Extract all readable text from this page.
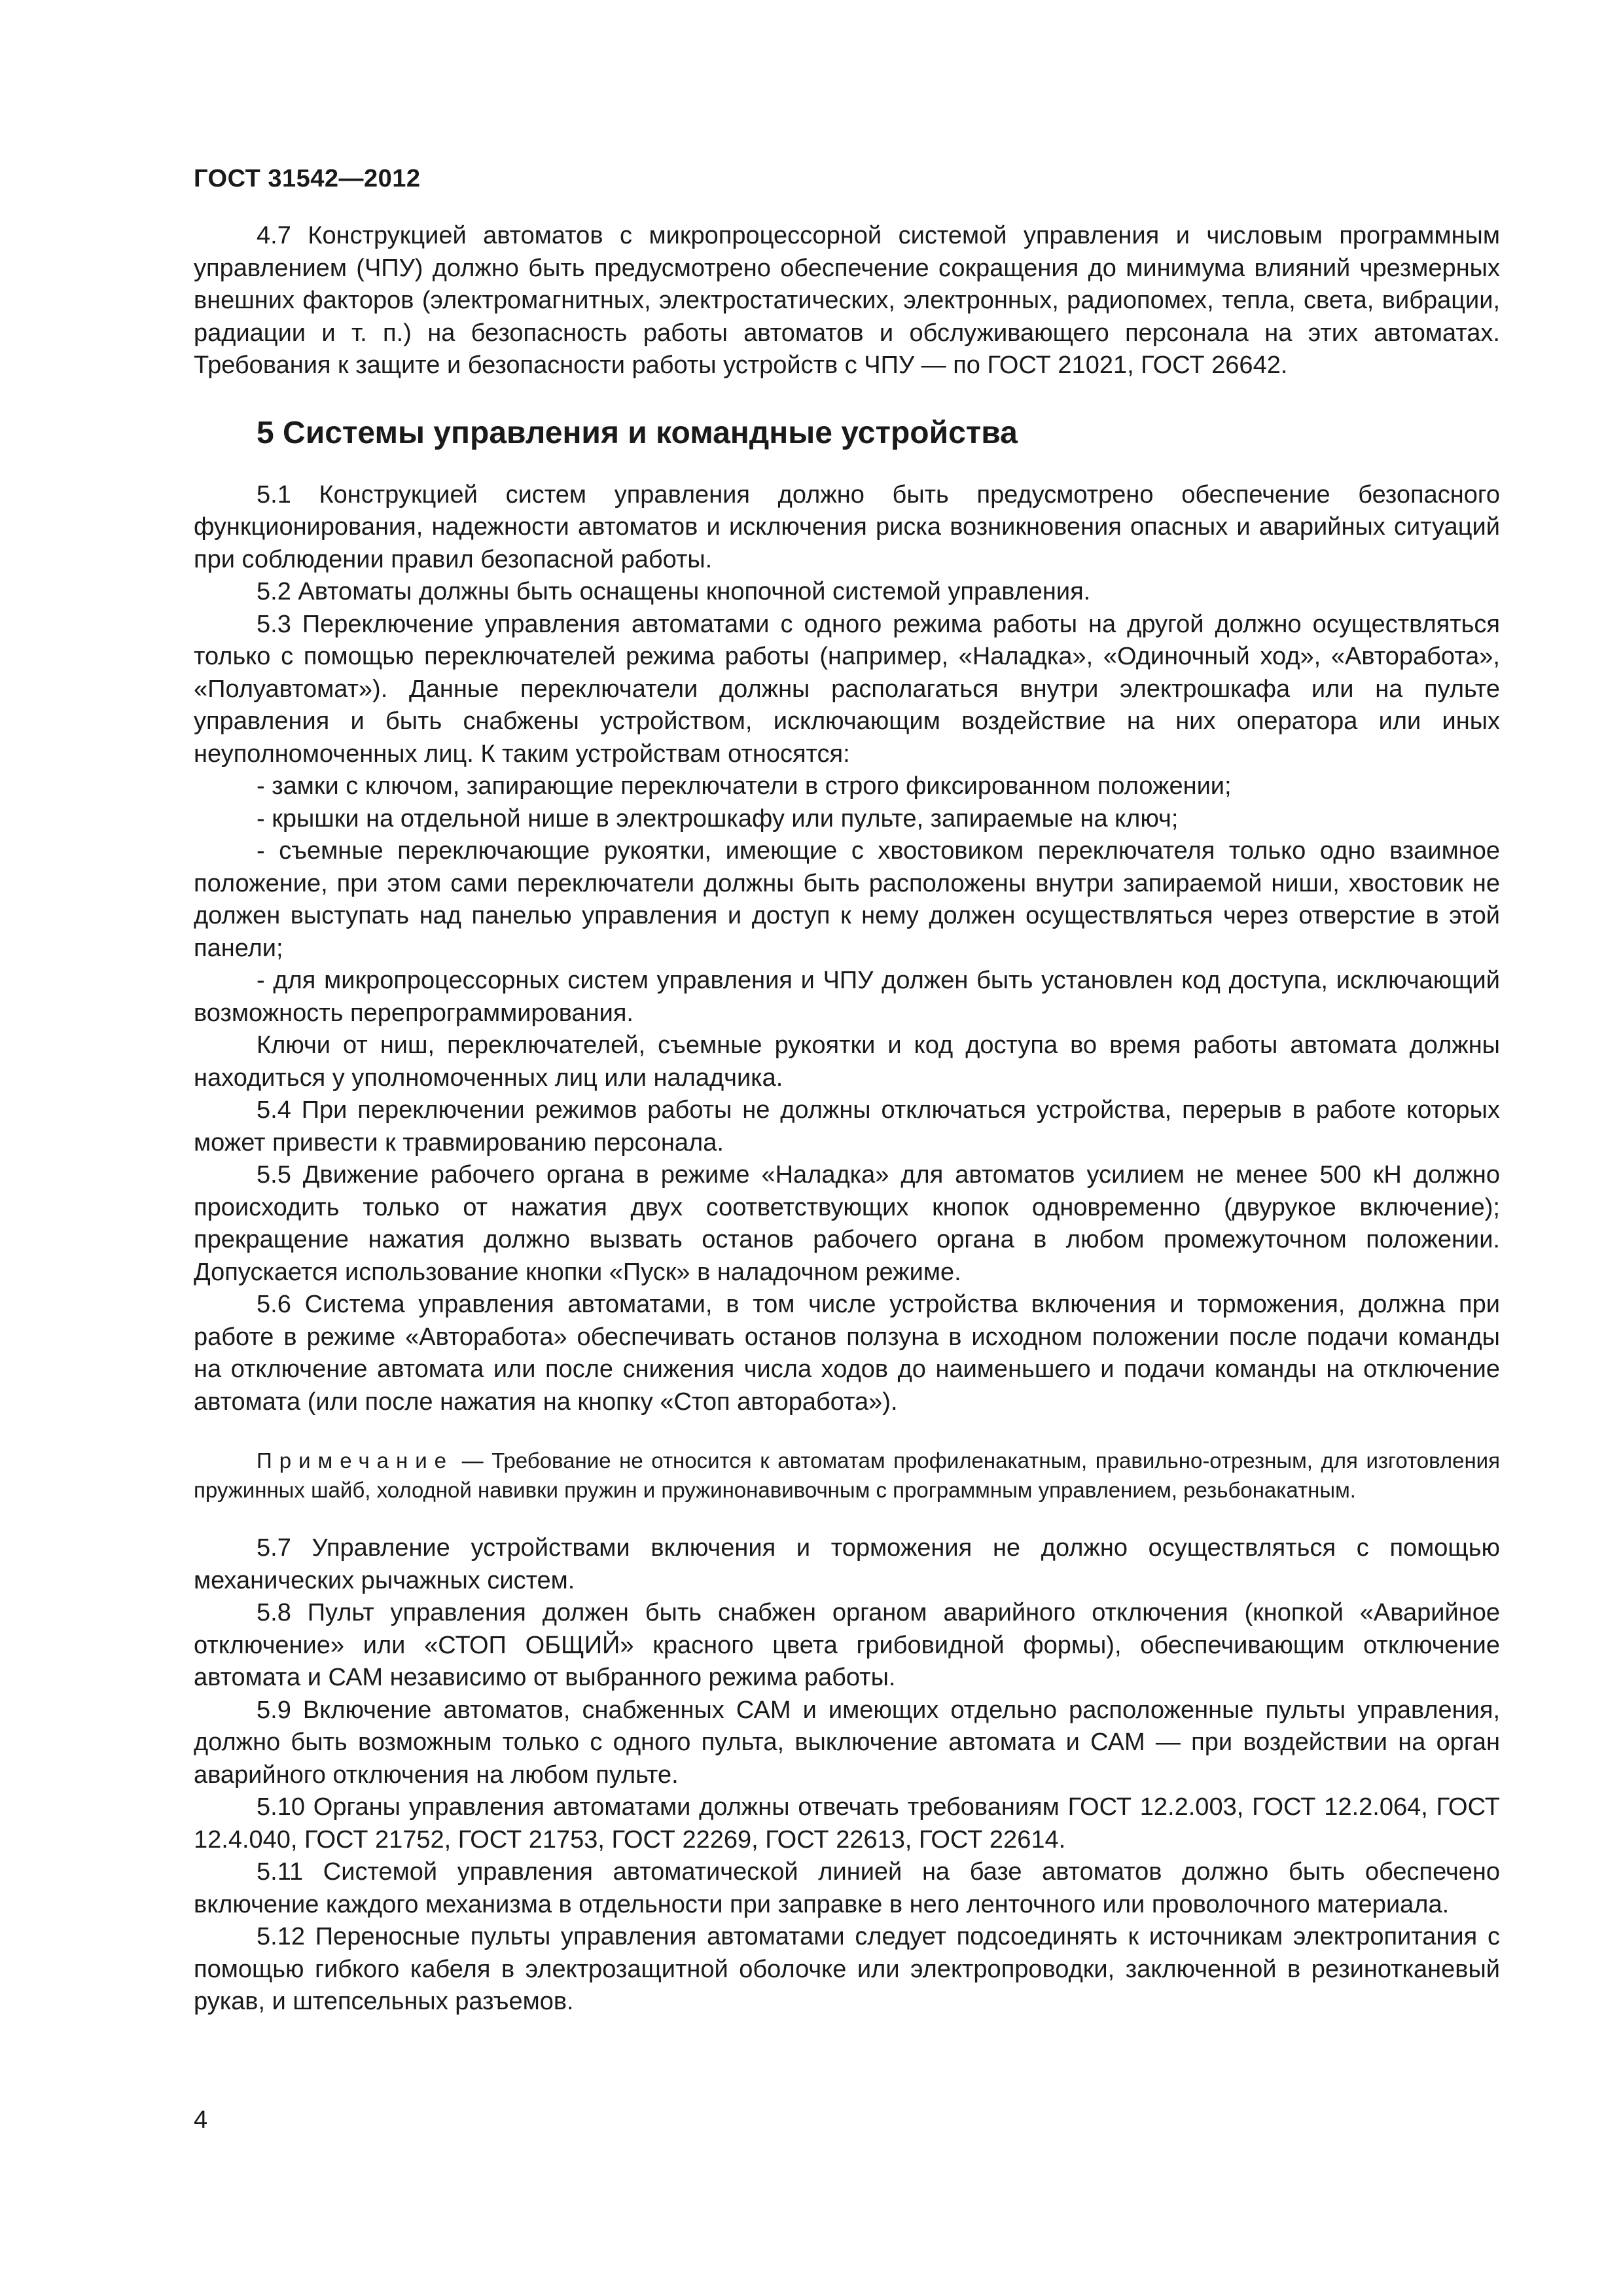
ГОСТ 31542—2012

4.7 Конструкцией автоматов с микропроцессорной системой управления и числовым программным управлением (ЧПУ) должно быть предусмотрено обеспечение сокращения до минимума влияний чрезмерных внешних факторов (электромагнитных, электростатических, электронных, радиопомех, тепла, света, вибрации, радиации и т. п.) на безопасность работы автоматов и обслуживающего персонала на этих автоматах. Требования к защите и безопасности работы устройств с ЧПУ — по ГОСТ 21021, ГОСТ 26642.

5 Системы управления и командные устройства

5.1 Конструкцией систем управления должно быть предусмотрено обеспечение безопасного функционирования, надежности автоматов и исключения риска возникновения опасных и аварийных ситуаций при соблюдении правил безопасной работы.

5.2 Автоматы должны быть оснащены кнопочной системой управления.

5.3 Переключение управления автоматами с одного режима работы на другой должно осуществляться только с помощью переключателей режима работы (например, «Наладка», «Одиночный ход», «Авторабота», «Полуавтомат»). Данные переключатели должны располагаться внутри электрошкафа или на пульте управления и быть снабжены устройством, исключающим воздействие на них оператора или иных неуполномоченных лиц. К таким устройствам относятся:

- замки с ключом, запирающие переключатели в строго фиксированном положении;

- крышки на отдельной нише в электрошкафу или пульте, запираемые на ключ;

- съемные переключающие рукоятки, имеющие с хвостовиком переключателя только одно взаимное положение, при этом сами переключатели должны быть расположены внутри запираемой ниши, хвостовик не должен выступать над панелью управления и доступ к нему должен осуществляться через отверстие в этой панели;

- для микропроцессорных систем управления и ЧПУ должен быть установлен код доступа, исключающий возможность перепрограммирования.

Ключи от ниш, переключателей, съемные рукоятки и код доступа во время работы автомата должны находиться у уполномоченных лиц или наладчика.

5.4 При переключении режимов работы не должны отключаться устройства, перерыв в работе которых может привести к травмированию персонала.

5.5 Движение рабочего органа в режиме «Наладка» для автоматов усилием не менее 500 кН должно происходить только от нажатия двух соответствующих кнопок одновременно (двурукое включение); прекращение нажатия должно вызвать останов рабочего органа в любом промежуточном положении. Допускается использование кнопки «Пуск» в наладочном режиме.

5.6 Система управления автоматами, в том числе устройства включения и торможения, должна при работе в режиме «Авторабота» обеспечивать останов ползуна в исходном положении после подачи команды на отключение автомата или после снижения числа ходов до наименьшего и подачи команды на отключение автомата (или после нажатия на кнопку «Стоп авторабота»).

Примечание — Требование не относится к автоматам профиленакатным, правильно-отрезным, для изготовления пружинных шайб, холодной навивки пружин и пружинонавивочным с программным управлением, резьбонакатным.

5.7 Управление устройствами включения и торможения не должно осуществляться с помощью механических рычажных систем.

5.8 Пульт управления должен быть снабжен органом аварийного отключения (кнопкой «Аварийное отключение» или «СТОП ОБЩИЙ» красного цвета грибовидной формы), обеспечивающим отключение автомата и САМ независимо от выбранного режима работы.

5.9 Включение автоматов, снабженных САМ и имеющих отдельно расположенные пульты управления, должно быть возможным только с одного пульта, выключение автомата и САМ — при воздействии на орган аварийного отключения на любом пульте.

5.10 Органы управления автоматами должны отвечать требованиям ГОСТ 12.2.003, ГОСТ 12.2.064, ГОСТ 12.4.040, ГОСТ 21752, ГОСТ 21753, ГОСТ 22269, ГОСТ 22613, ГОСТ 22614.

5.11 Системой управления автоматической линией на базе автоматов должно быть обеспечено включение каждого механизма в отдельности при заправке в него ленточного или проволочного материала.

5.12 Переносные пульты управления автоматами следует подсоединять к источникам электропитания с помощью гибкого кабеля в электрозащитной оболочке или электропроводки, заключенной в резинотканевый рукав, и штепсельных разъемов.

4
